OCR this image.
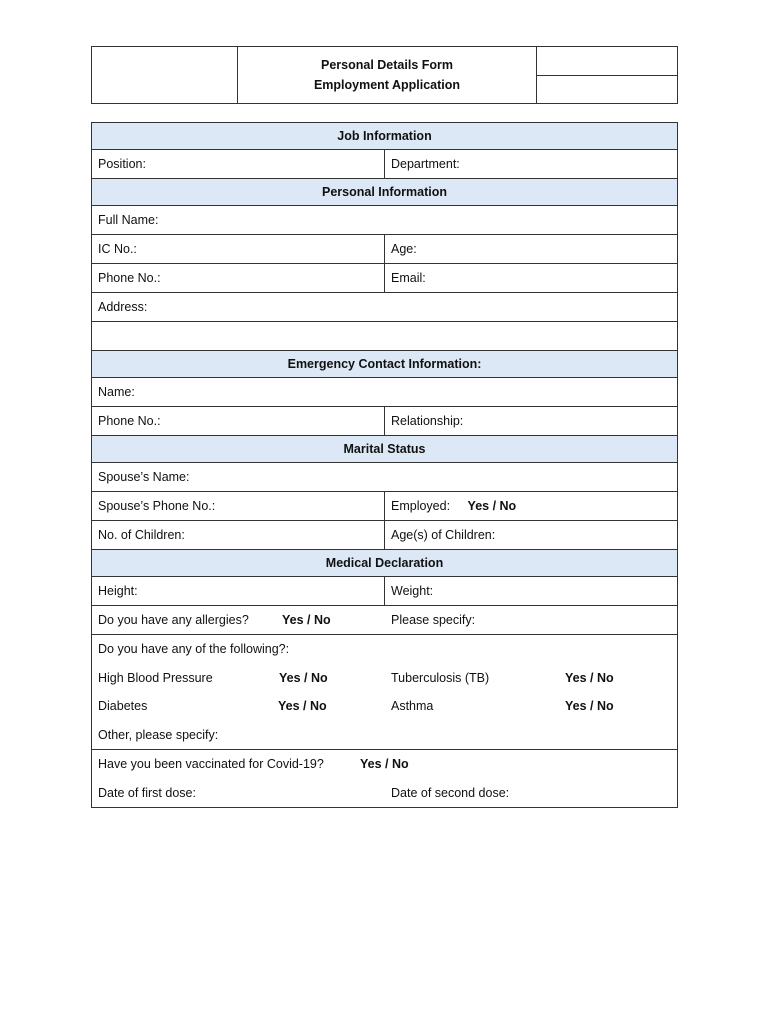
Personal Details Form
Employment Application
Job Information
Position:	Department:
Personal Information
Full Name:
IC No.:	Age:
Phone No.:	Email:
Address:
Emergency Contact Information:
Name:
Phone No.:	Relationship:
Marital Status
Spouse’s Name:
Spouse’s Phone No.:	Employed: Yes / No
No. of Children:	Age(s) of Children:
Medical Declaration
Height:	Weight:
Do you have any allergies?	Yes / No	Please specify:
Do you have any of the following?:
High Blood Pressure	Yes / No	Tuberculosis (TB)	Yes / No
Diabetes	Yes / No	Asthma	Yes / No
Other, please specify:
Have you been vaccinated for Covid-19?	Yes / No
Date of first dose:	Date of second dose:
